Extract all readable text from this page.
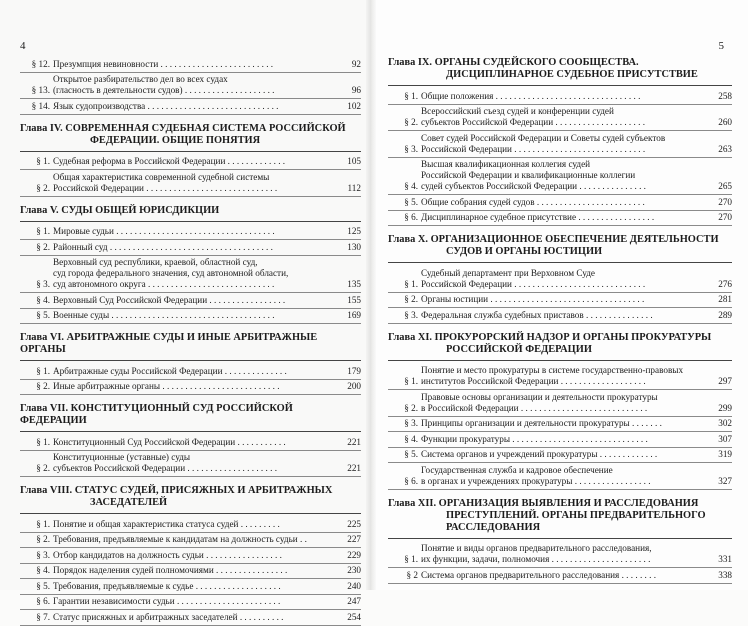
4
§ 12. Презумпция невиновности . . . . . . . . . . . . . . . . . . . . . . . . .	92
§ 13.
Открытое разбирательство дел во всех судах
(гласность в деятельности судов) . . . . . . . . . . . . . . . . . . . .	96
§ 14. Язык судопроизводства . . . . . . . . . . . . . . . . . . . . . . . . . . . . .	102
Глава IV. СОВРЕМЕННАЯ СУДЕБНАЯ СИСТЕМА РОССИЙСКОЙ
ФЕДЕРАЦИИ. ОБЩИЕ ПОНЯТИЯ
§ 1. Судебная реформа в Российской Федерации . . . . . . . . . . . . .	105
§ 2.
Общая характеристика современной судебной системы
Российской Федерации . . . . . . . . . . . . . . . . . . . . . . . . . . . . .	112
Глава V. СУДЫ ОБЩЕЙ ЮРИСДИКЦИИ
§ 1. Мировые судьи . . . . . . . . . . . . . . . . . . . . . . . . . . . . . . . . . . .	125
§ 2. Районный суд . . . . . . . . . . . . . . . . . . . . . . . . . . . . . . . . . . . .	130
§ 3.
Верховный суд республики, краевой, областной суд,
суд города федерального значения, суд автономной области,
суд автономного округа . . . . . . . . . . . . . . . . . . . . . . . . . . . .	135
§ 4. Верховный Суд Российской Федерации . . . . . . . . . . . . . . . . .	155
§ 5. Военные суды . . . . . . . . . . . . . . . . . . . . . . . . . . . . . . . . . . . .	169
Глава VI. АРБИТРАЖНЫЕ СУДЫ И ИНЫЕ АРБИТРАЖНЫЕ ОРГАНЫ
§ 1. Арбитражные суды Российской Федерации . . . . . . . . . . . . . .	179
§ 2. Иные арбитражные органы . . . . . . . . . . . . . . . . . . . . . . . . . .	200
Глава VII. КОНСТИТУЦИОННЫЙ СУД РОССИЙСКОЙ ФЕДЕРАЦИИ
§ 1. Конституционный Суд Российской Федерации . . . . . . . . . . .	221
§ 2.
Конституционные (уставные) суды
субъектов Российской Федерации . . . . . . . . . . . . . . . . . . . .	221
Глава VIII. СТАТУС СУДЕЙ, ПРИСЯЖНЫХ И АРБИТРАЖНЫХ
ЗАСЕДАТЕЛЕЙ
§ 1. Понятие и общая характеристика статуса судей . . . . . . . . .	225
§ 2. Требования, предъявляемые к кандидатам на должность судьи . .	227
§ 3. Отбор кандидатов на должность судьи . . . . . . . . . . . . . . . . .	229
§ 4. Порядок наделения судей полномочиями . . . . . . . . . . . . . . . .	230
§ 5. Требования, предъявляемые к судье . . . . . . . . . . . . . . . . . . .	240
§ 6. Гарантии независимости судьи . . . . . . . . . . . . . . . . . . . . . . .	247
§ 7. Статус присяжных и арбитражных заседателей . . . . . . . . . .	254
5
Глава IX. ОРГАНЫ СУДЕЙСКОГО СООБЩЕСТВА.
ДИСЦИПЛИНАРНОЕ СУДЕБНОЕ ПРИСУТСТВИЕ
§ 1. Общие положения . . . . . . . . . . . . . . . . . . . . . . . . . . . . . . . .	258
§ 2.
Всероссийский съезд судей и конференции судей
субъектов Российской Федерации . . . . . . . . . . . . . . . . . . . .	260
§ 3.
Совет судей Российской Федерации и Советы судей субъектов
Российской Федерации . . . . . . . . . . . . . . . . . . . . . . . . . . . . .	263
§ 4.
Высшая квалификационная коллегия судей
Российской Федерации и квалификационные коллегии
судей субъектов Российской Федерации . . . . . . . . . . . . . . .	265
§ 5. Общие собрания судей судов . . . . . . . . . . . . . . . . . . . . . . . .	270
§ 6. Дисциплинарное судебное присутствие . . . . . . . . . . . . . . . . .	270
Глава X. ОРГАНИЗАЦИОННОЕ ОБЕСПЕЧЕНИЕ ДЕЯТЕЛЬНОСТИ
СУДОВ И ОРГАНЫ ЮСТИЦИИ
§ 1.
Судебный департамент при Верховном Суде
Российской Федерации . . . . . . . . . . . . . . . . . . . . . . . . . . . . .	276
§ 2. Органы юстиции . . . . . . . . . . . . . . . . . . . . . . . . . . . . . . . . . .	281
§ 3. Федеральная служба судебных приставов . . . . . . . . . . . . . . .	289
Глава XI. ПРОКУРОРСКИЙ НАДЗОР И ОРГАНЫ ПРОКУРАТУРЫ
РОССИЙСКОЙ ФЕДЕРАЦИИ
§ 1.
Понятие и место прокуратуры в системе государственно-правовых
институтов Российской Федерации . . . . . . . . . . . . . . . . . . .	297
§ 2.
Правовые основы организации и деятельности прокуратуры
в Российской Федерации . . . . . . . . . . . . . . . . . . . . . . . . . . . .	299
§ 3. Принципы организации и деятельности прокуратуры . . . . . . .	302
§ 4. Функции прокуратуры . . . . . . . . . . . . . . . . . . . . . . . . . . . . . .	307
§ 5. Система органов и учреждений прокуратуры . . . . . . . . . . . . .	319
§ 6.
Государственная служба и кадровое обеспечение
в органах и учреждениях прокуратуры . . . . . . . . . . . . . . . . .	327
Глава XII. ОРГАНИЗАЦИЯ ВЫЯВЛЕНИЯ И РАССЛЕДОВАНИЯ
ПРЕСТУПЛЕНИЙ. ОРГАНЫ ПРЕДВАРИТЕЛЬНОГО
РАССЛЕДОВАНИЯ
§ 1.
Понятие и виды органов предварительного расследования,
их функции, задачи, полномочия . . . . . . . . . . . . . . . . . . . . . .	331
§ 2 Система органов предварительного расследования . . . . . . . .	338
